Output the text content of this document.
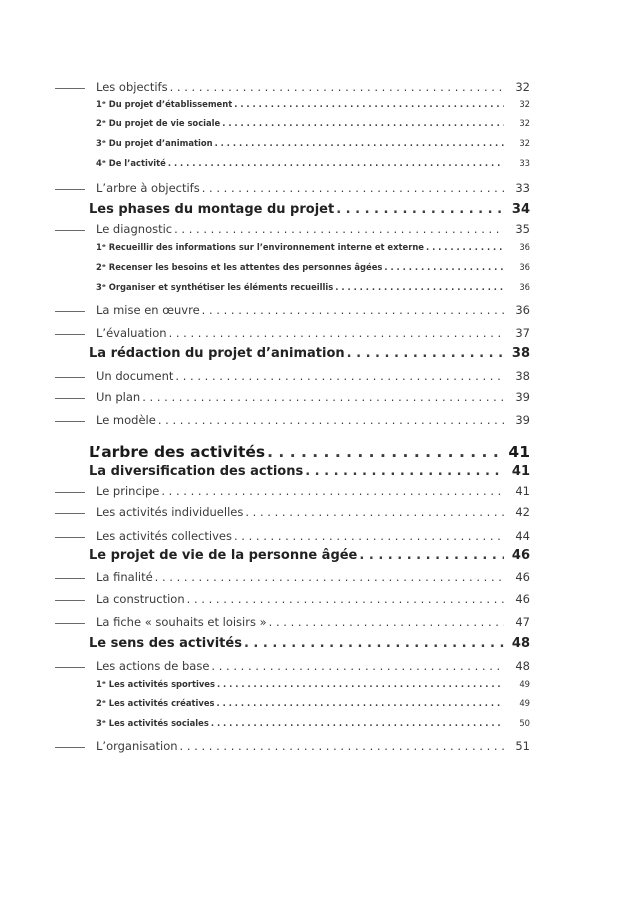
Les objectifs . . .	32
1ᵉ Du projet d’établissement . . .	32
2ᵉ Du projet de vie sociale . . .	32
3ᵉ Du projet d’animation . . .	32
4ᵉ De l’activité . . .	33
L’arbre à objectifs . . .	33
Les phases du montage du projet . . .	34
Le diagnostic . . .	35
1ᵉ Recueillir des informations sur l’environnement interne et externe . . .	36
2ᵉ Recenser les besoins et les attentes des personnes âgées . . .	36
3ᵉ Organiser et synthétiser les éléments recueillis . . .	36
La mise en œuvre . . .	36
L’évaluation . . .	37
La rédaction du projet d’animation . . .	38
Un document . . .	38
Un plan . . .	39
Le modèle . . .	39
L’arbre des activités . . .	41
La diversification des actions . . .	41
Le principe . . .	41
Les activités individuelles . . .	42
Les activités collectives . . .	44
Le projet de vie de la personne âgée . . .	46
La finalité . . .	46
La construction . . .	46
La fiche « souhaits et loisirs » . . .	47
Le sens des activités . . .	48
Les actions de base . . .	48
1ᵉ Les activités sportives . . .	49
2ᵉ Les activités créatives . . .	49
3ᵉ Les activités sociales . . .	50
L’organisation . . .	51
